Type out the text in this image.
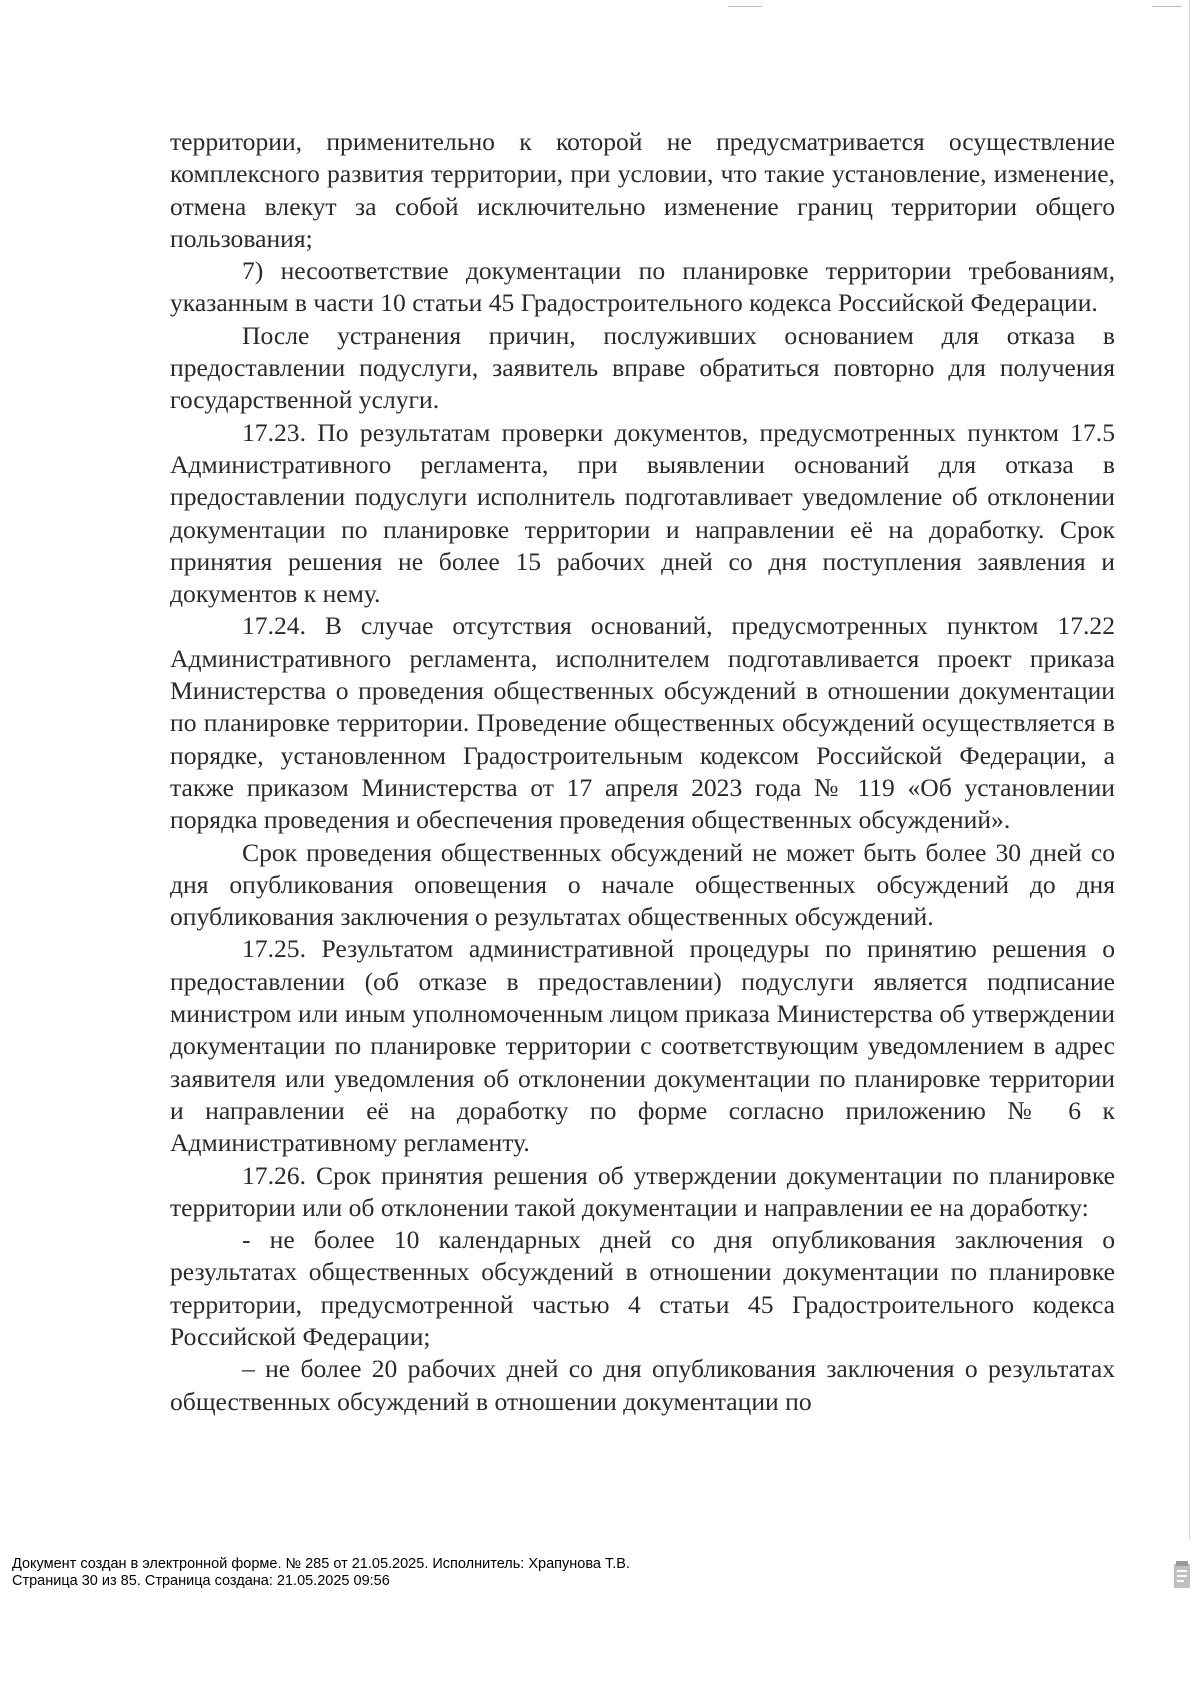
территории, применительно к которой не предусматривается осуществление комплексного развития территории, при условии, что такие установление, изменение, отмена влекут за собой исключительно изменение границ территории общего пользования;

7) несоответствие документации по планировке территории требованиям, указанным в части 10 статьи 45 Градостроительного кодекса Российской Федерации.

После устранения причин, послуживших основанием для отказа в предоставлении подуслуги, заявитель вправе обратиться повторно для получения государственной услуги.

17.23. По результатам проверки документов, предусмотренных пунктом 17.5 Административного регламента, при выявлении оснований для отказа в предоставлении подуслуги исполнитель подготавливает уведомление об отклонении документации по планировке территории и направлении её на доработку. Срок принятия решения не более 15 рабочих дней со дня поступления заявления и документов к нему.

17.24. В случае отсутствия оснований, предусмотренных пунктом 17.22 Административного регламента, исполнителем подготавливается проект приказа Министерства о проведения общественных обсуждений в отношении документации по планировке территории. Проведение общественных обсуждений осуществляется в порядке, установленном Градостроительным кодексом Российской Федерации, а также приказом Министерства от 17 апреля 2023 года № 119 «Об установлении порядка проведения и обеспечения проведения общественных обсуждений».

Срок проведения общественных обсуждений не может быть более 30 дней со дня опубликования оповещения о начале общественных обсуждений до дня опубликования заключения о результатах общественных обсуждений.

17.25. Результатом административной процедуры по принятию решения о предоставлении (об отказе в предоставлении) подуслуги является подписание министром или иным уполномоченным лицом приказа Министерства об утверждении документации по планировке территории с соответствующим уведомлением в адрес заявителя или уведомления об отклонении документации по планировке территории и направлении её на доработку по форме согласно приложению № 6 к Административному регламенту.

17.26. Срок принятия решения об утверждении документации по планировке территории или об отклонении такой документации и направлении ее на доработку:

- не более 10 календарных дней со дня опубликования заключения о результатах общественных обсуждений в отношении документации по планировке территории, предусмотренной частью 4 статьи 45 Градостроительного кодекса Российской Федерации;

– не более 20 рабочих дней со дня опубликования заключения о результатах общественных обсуждений в отношении документации по

Документ создан в электронной форме. № 285 от 21.05.2025. Исполнитель: Храпунова Т.В.
Страница 30 из 85. Страница создана: 21.05.2025 09:56
